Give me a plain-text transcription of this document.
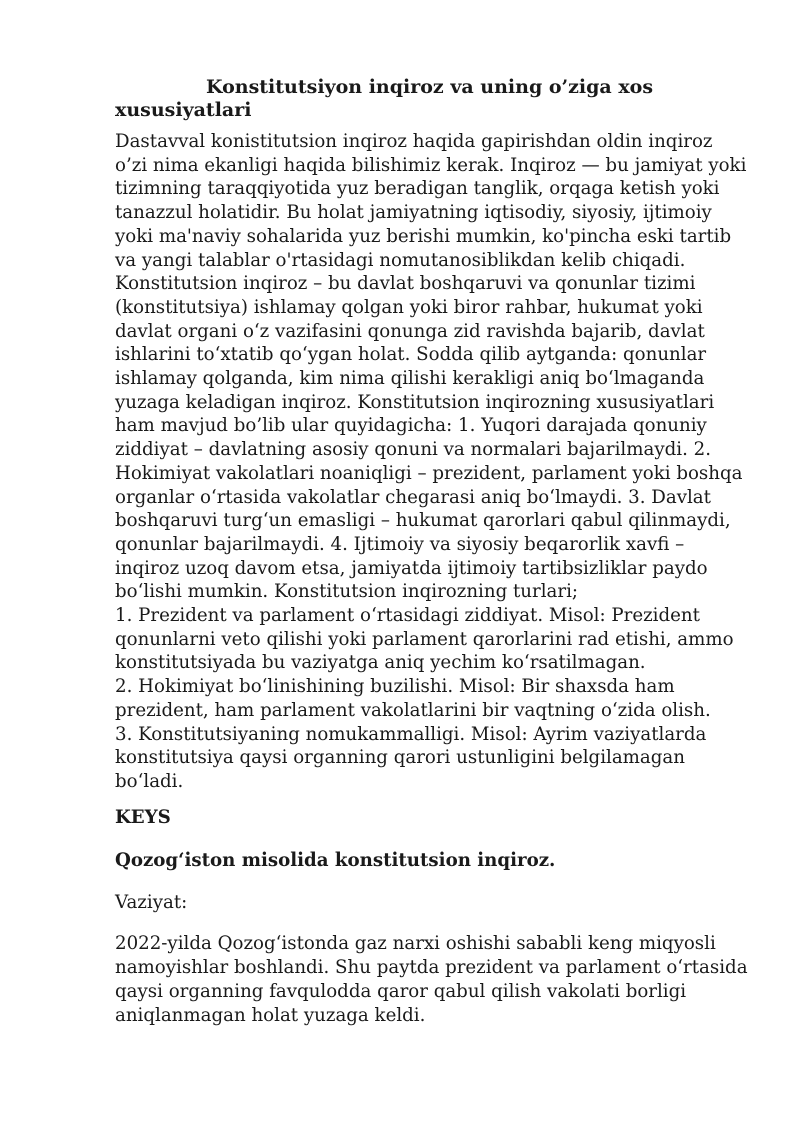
Konstitutsiyon inqiroz va uning o’ziga xos xususiyatlari

Dastavval konistitutsion inqiroz haqida gapirishdan oldin inqiroz o’zi nima ekanligi haqida bilishimiz kerak. Inqiroz — bu jamiyat yoki tizimning taraqqiyotida yuz beradigan tanglik, orqaga ketish yoki tanazzul holatidir. Bu holat jamiyatning iqtisodiy, siyosiy, ijtimoiy yoki ma'naviy sohalarida yuz berishi mumkin, ko'pincha eski tartib va yangi talablar o'rtasidagi nomutanosiblikdan kelib chiqadi. Konstitutsion inqiroz – bu davlat boshqaruvi va qonunlar tizimi (konstitutsiya) ishlamay qolgan yoki biror rahbar, hukumat yoki davlat organi oʻz vazifasini qonunga zid ravishda bajarib, davlat ishlarini toʻxtatib qoʻygan holat. Sodda qilib aytganda: qonunlar ishlamay qolganda, kim nima qilishi kerakligi aniq boʻlmaganda yuzaga keladigan inqiroz. Konstitutsion inqirozning xususiyatlari ham mavjud bo’lib ular quyidagicha: 1. Yuqori darajada qonuniy ziddiyat – davlatning asosiy qonuni va normalari bajarilmaydi. 2. Hokimiyat vakolatlari noaniqligi – prezident, parlament yoki boshqa organlar oʻrtasida vakolatlar chegarasi aniq boʻlmaydi. 3. Davlat boshqaruvi turgʻun emasligi – hukumat qarorlari qabul qilinmaydi, qonunlar bajarilmaydi. 4. Ijtimoiy va siyosiy beqarorlik xavfi – inqiroz uzoq davom etsa, jamiyatda ijtimoiy tartibsizliklar paydo boʻlishi mumkin. Konstitutsion inqirozning turlari;
1. Prezident va parlament oʻrtasidagi ziddiyat. Misol: Prezident qonunlarni veto qilishi yoki parlament qarorlarini rad etishi, ammo konstitutsiyada bu vaziyatga aniq yechim koʻrsatilmagan.
2. Hokimiyat boʻlinishining buzilishi. Misol: Bir shaxsda ham prezident, ham parlament vakolatlarini bir vaqtning oʻzida olish.
3. Konstitutsiyaning nomukammalligi. Misol: Ayrim vaziyatlarda konstitutsiya qaysi organning qarori ustunligini belgilamagan boʻladi.

KEYS

Qozogʻiston misolida konstitutsion inqiroz.

Vaziyat:

2022-yilda Qozogʻistonda gaz narxi oshishi sababli keng miqyosli namoyishlar boshlandi. Shu paytda prezident va parlament oʻrtasida qaysi organning favqulodda qaror qabul qilish vakolati borligi aniqlanmagan holat yuzaga keldi.
